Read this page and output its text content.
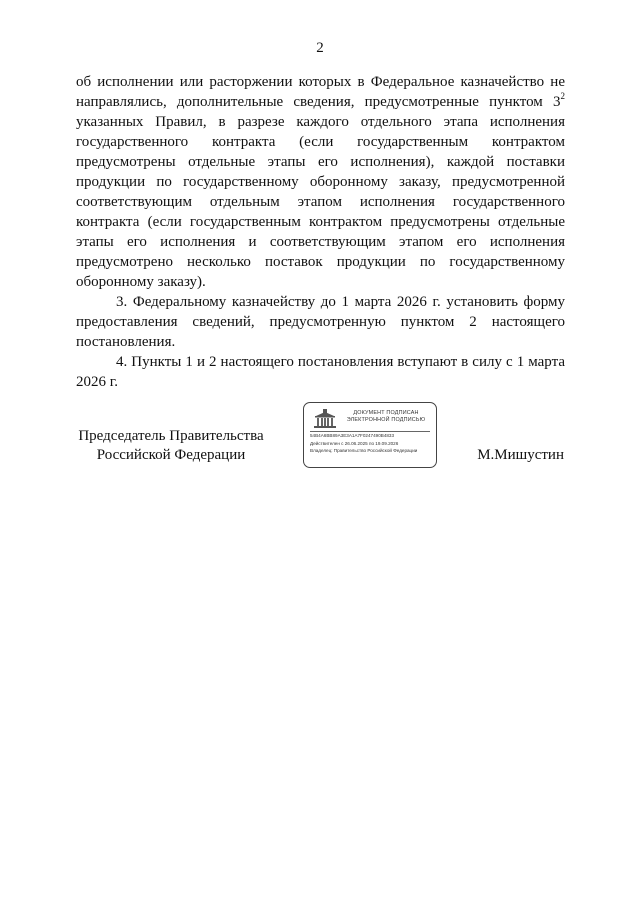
2

об исполнении или расторжении которых в Федеральное казначейство не направлялись, дополнительные сведения, предусмотренные пунктом $3^2$ указанных Правил, в разрезе каждого отдельного этапа исполнения государственного контракта (если государственным контрактом предусмотрены отдельные этапы его исполнения), каждой поставки продукции по государственному оборонному заказу, предусмотренной соответствующим отдельным этапом исполнения государственного контракта (если государственным контрактом предусмотрены отдельные этапы его исполнения и соответствующим этапом его исполнения предусмотрено несколько поставок продукции по государственному оборонному заказу).

3. Федеральному казначейству до 1 марта 2026 г. установить форму предоставления сведений, предусмотренную пунктом 2 настоящего постановления.

4. Пункты 1 и 2 настоящего постановления вступают в силу с 1 марта 2026 г.

Председатель Правительства
Российской Федерации
ДОКУМЕНТ ПОДПИСАН
ЭЛЕКТРОННОЙ ПОДПИСЬЮ
54B4A6BB89A3E3A1A7F0247490B4833
Действителен с 26.06.2025 по 19.09.2026
Владелец: Правительство Российской Федерации	М.Мишустин
